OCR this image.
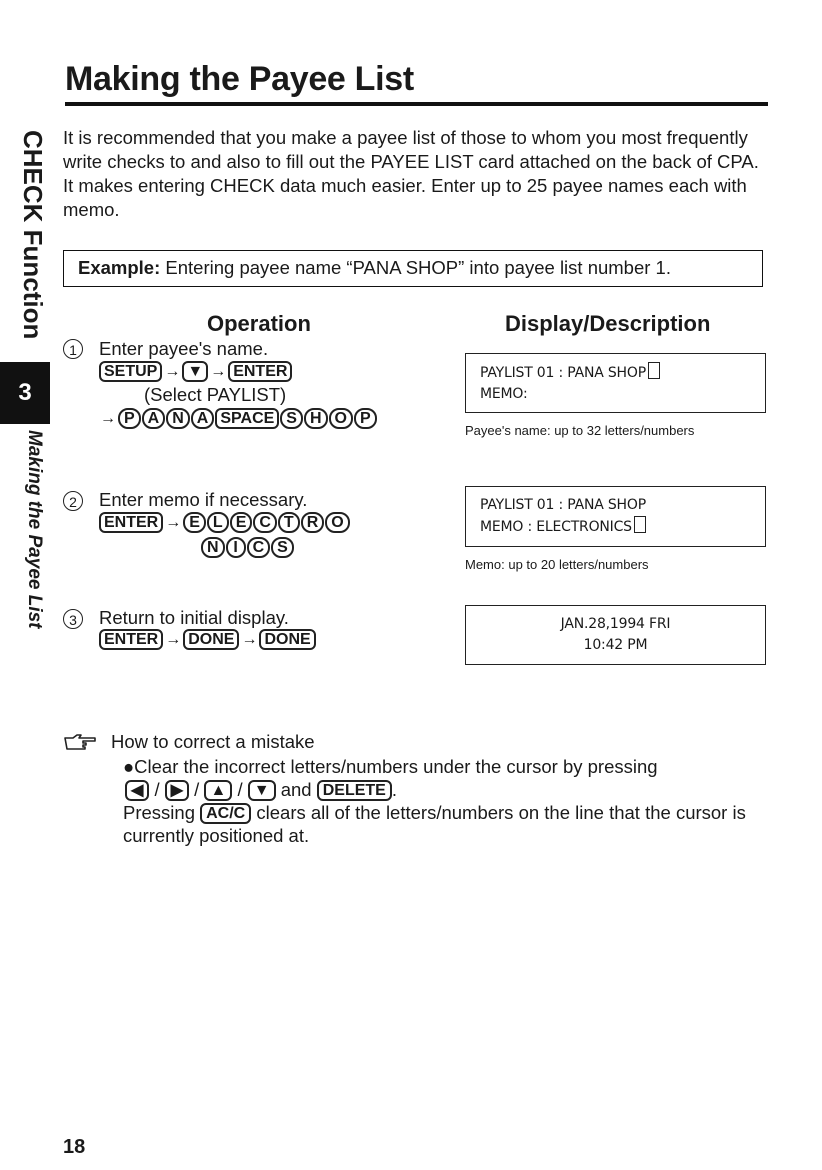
Making the Payee List
CHECK Function
3
Making the Payee List
It is recommended that you make a payee list of those to whom you most frequently write checks to and also to fill out the PAYEE LIST card attached on the back of CPA. It makes entering CHECK data much easier. Enter up to 25 payee names each with memo.
Example: Entering payee name “PANA SHOP” into payee list number 1.
Operation	Display/Description
1	Enter payee's name.
SETUP → ▼ → ENTER
(Select PAYLIST)
→ P A N A SPACE S H O P
PAYLIST 01 : PANA SHOP
MEMO:
Payee's name: up to 32 letters/numbers
2	Enter memo if necessary.
ENTER → E L E C T R O
N I C S
PAYLIST 01 : PANA SHOP
MEMO : ELECTRONICS
Memo: up to 20 letters/numbers
3	Return to initial display.
ENTER → DONE → DONE
JAN.28,1994 FRI
10:42 PM
How to correct a mistake
●Clear the incorrect letters/numbers under the cursor by pressing
◀ / ▶ / ▲ / ▼ and DELETE .
Pressing AC/C clears all of the letters/numbers on the line that the cursor is currently positioned at.
18
